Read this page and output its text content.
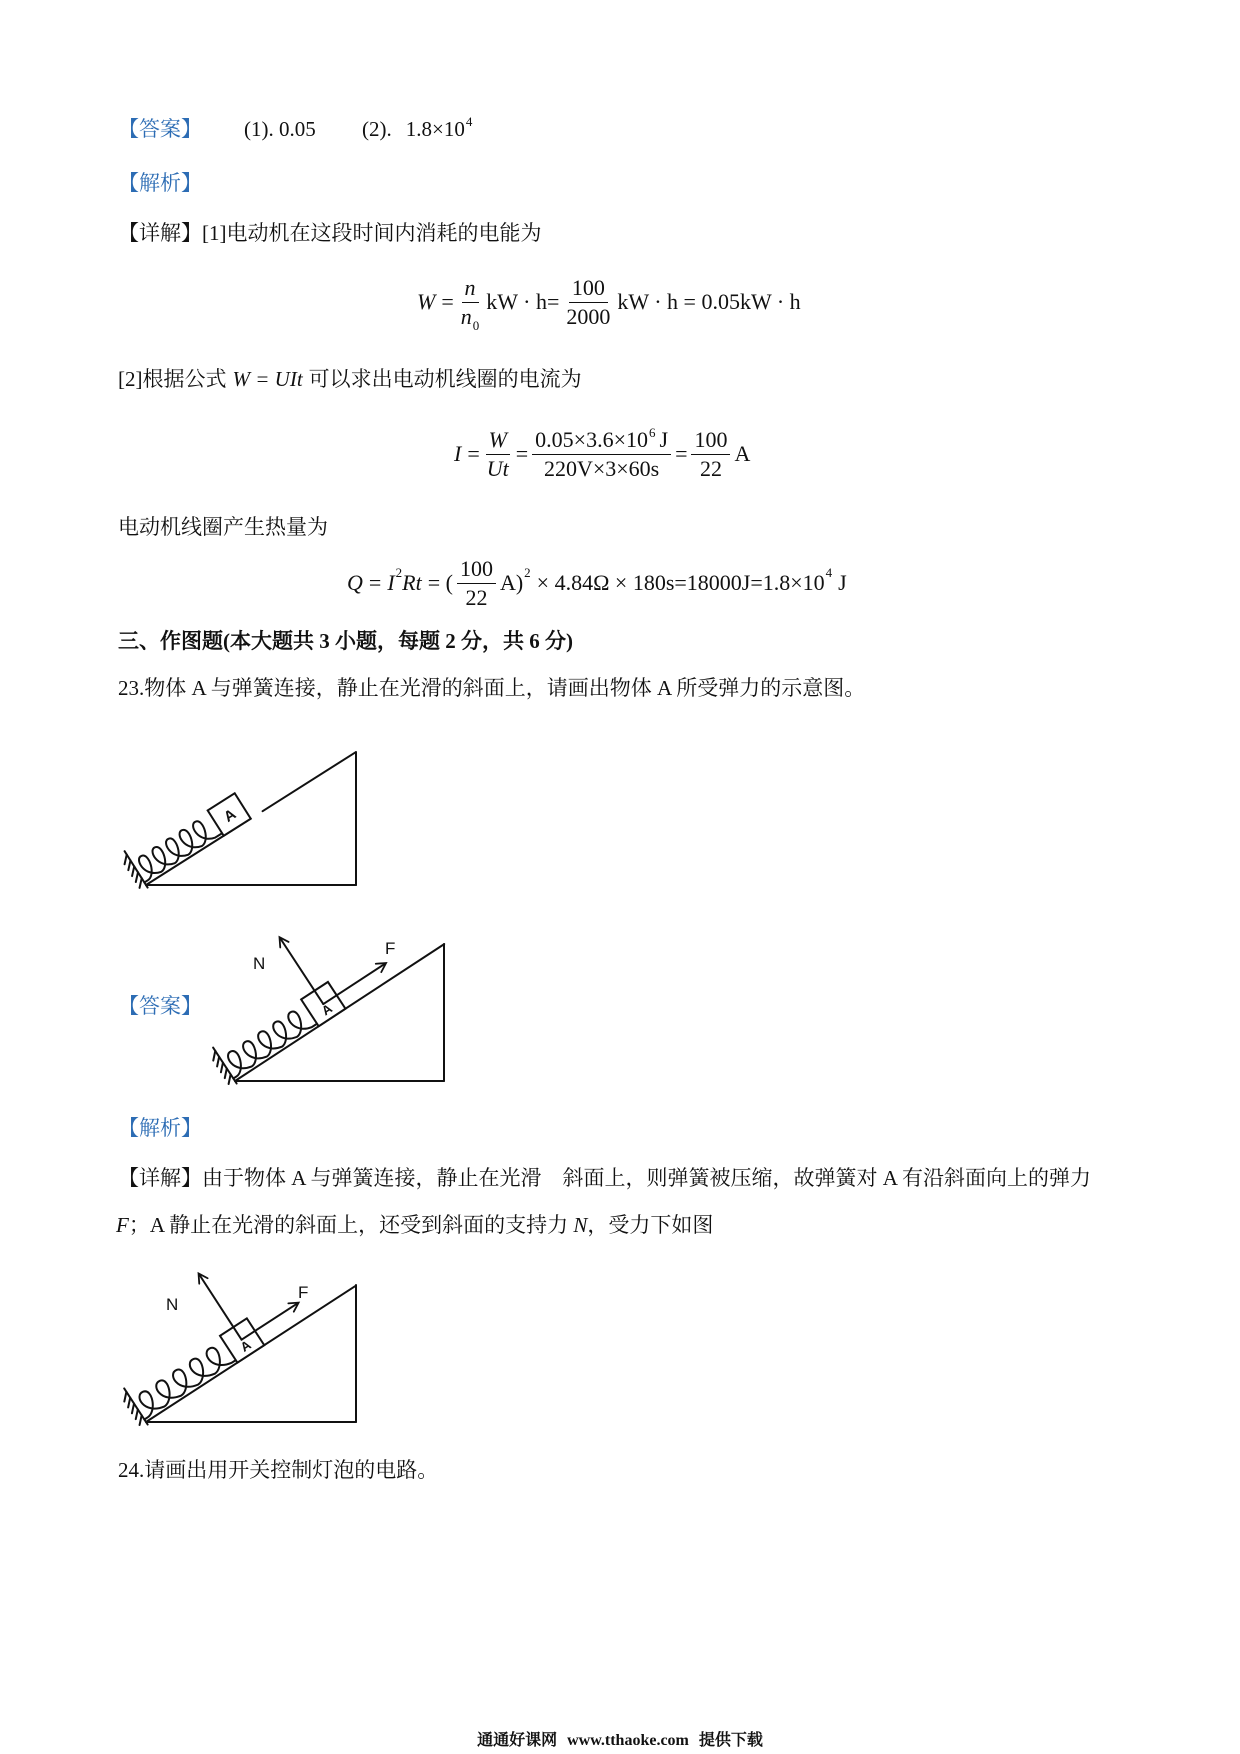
【答案】 (1). 0.05 (2). 1.8×104
【解析】
【详解】[1]电动机在这段时间内消耗的电能为
$W = \frac{n}{n0}$ kW · $h= \frac{100}{2000}$ kW · h = 0.05kW · h
[2]根据公式 W = UIt 可以求出电动机线圈的电流为
$I = \frac{W}{Ut} = \frac{0.05\times 3.6\times 106 J}{220V\times 3\times 60s} = \frac{100}{22}$ A
电动机线圈产生热量为
Q = I 2 Rt = ( $\frac{100}{22} A$) 2 × 4.84Ω × 180s=18000J=1.8×10 4 J
三、作图题(本大题共 3 小题，每题 2 分，共 6 分)
23.物体 A 与弹簧连接，静止在光滑的斜面上，请画出物体 A 所受弹力的示意图。
A
【答案】	A
N
F
【解析】
【详解】由于物体 A 与弹簧连接，静止在光滑　斜面上，则弹簧被压缩，故弹簧对 A 有沿斜面向上的弹力
F；A 静止在光滑的斜面上，还受到斜面的支持力 N，受力下如图
A
N
F
24.请画出用开关控制灯泡的电路。
通通好课网 www.tthaoke.com 提供下载
